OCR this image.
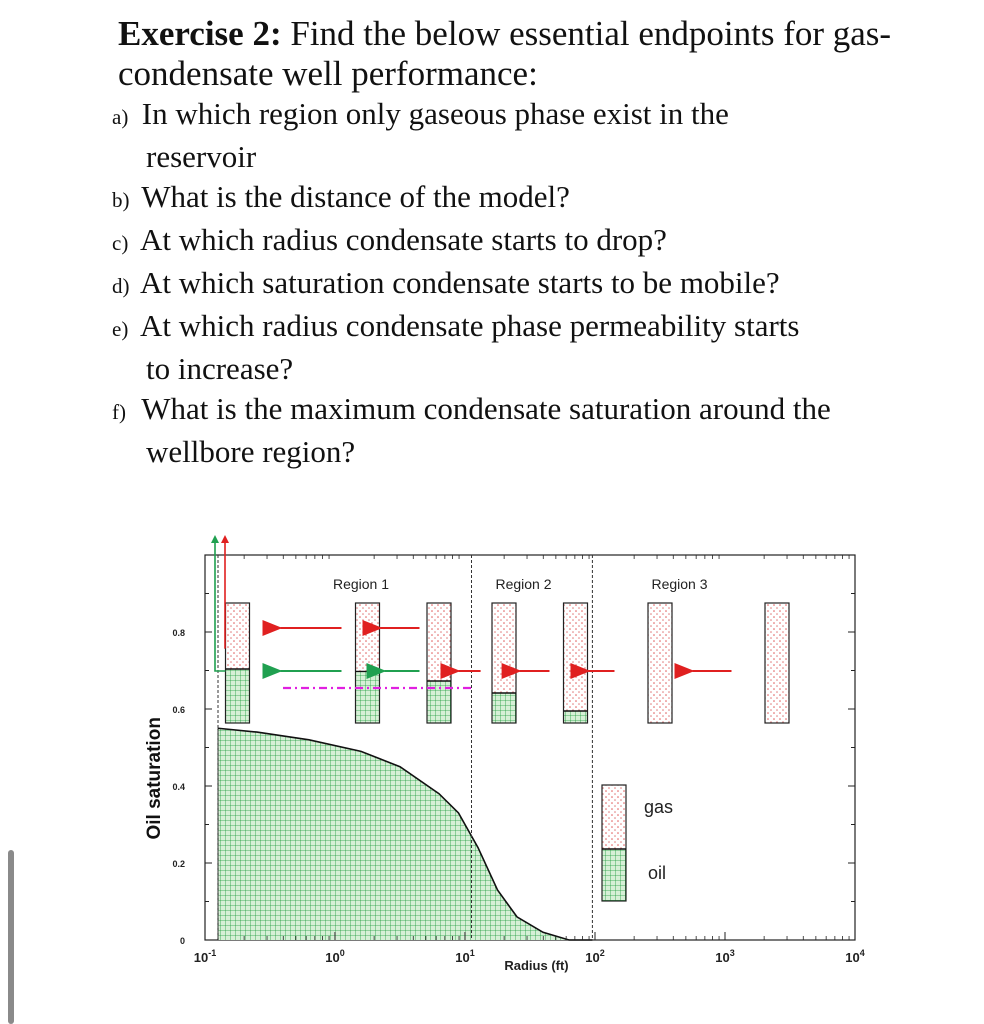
Exercise 2: Find the below essential endpoints for gas-

condensate well performance:

a) In which region only gaseous phase exist in the
reservoir
b) What is the distance of the model?
c) At which radius condensate starts to drop?
d) At which saturation condensate starts to be mobile?
e) At which radius condensate phase permeability starts
to increase?
f) What is the maximum condensate saturation around the
wellbore region?
Region 1	Region 2	Region 3
0
0.2
0.4
0.6
0.8
Oil saturation
$10^{-1}$	$10^0$	$10^1$	$10^2$	$10^3$	$10^4$
Radius (ft)
gas
oil
